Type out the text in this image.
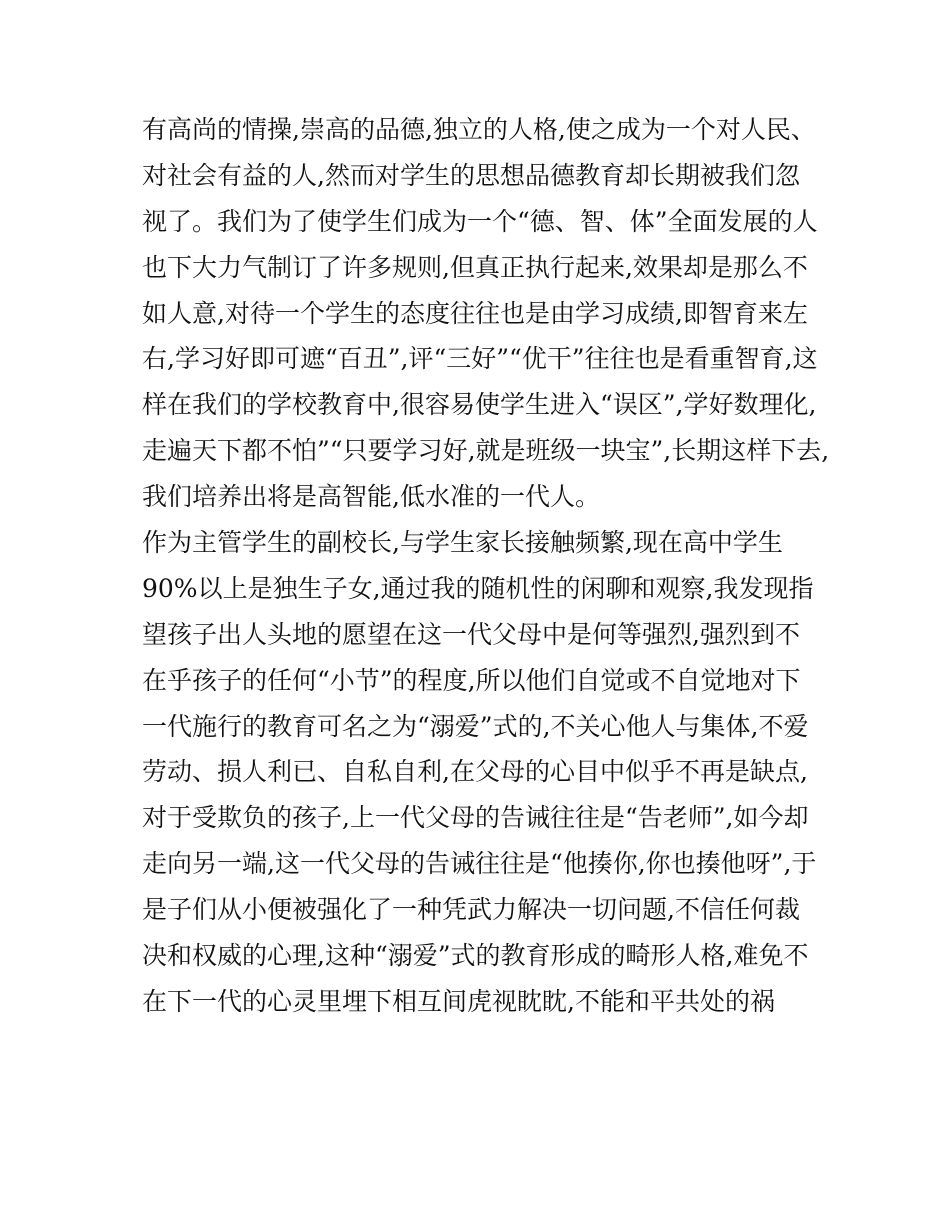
有高尚的情操,崇高的品德,独立的人格,使之成为一个对人民、
对社会有益的人,然而对学生的思想品德教育却长期被我们忽
视了。我们为了使学生们成为一个“德、智、体”全面发展的人
也下大力气制订了许多规则,但真正执行起来,效果却是那么不
如人意,对待一个学生的态度往往也是由学习成绩,即智育来左
右,学习好即可遮“百丑”,评“三好”“优干”往往也是看重智育,这
样在我们的学校教育中,很容易使学生进入“误区”,学好数理化,
走遍天下都不怕”“只要学习好,就是班级一块宝”,长期这样下去,
我们培养出将是高智能,低水准的一代人。
作为主管学生的副校长,与学生家长接触频繁,现在高中学生
90%以上是独生子女,通过我的随机性的闲聊和观察,我发现指
望孩子出人头地的愿望在这一代父母中是何等强烈,强烈到不
在乎孩子的任何“小节”的程度,所以他们自觉或不自觉地对下
一代施行的教育可名之为“溺爱”式的,不关心他人与集体,不爱
劳动、损人利已、自私自利,在父母的心目中似乎不再是缺点,
对于受欺负的孩子,上一代父母的告诫往往是“告老师”,如今却
走向另一端,这一代父母的告诫往往是“他揍你,你也揍他呀”,于
是子们从小便被强化了一种凭武力解决一切问题,不信任何裁
决和权威的心理,这种“溺爱”式的教育形成的畸形人格,难免不
在下一代的心灵里埋下相互间虎视眈眈,不能和平共处的祸
